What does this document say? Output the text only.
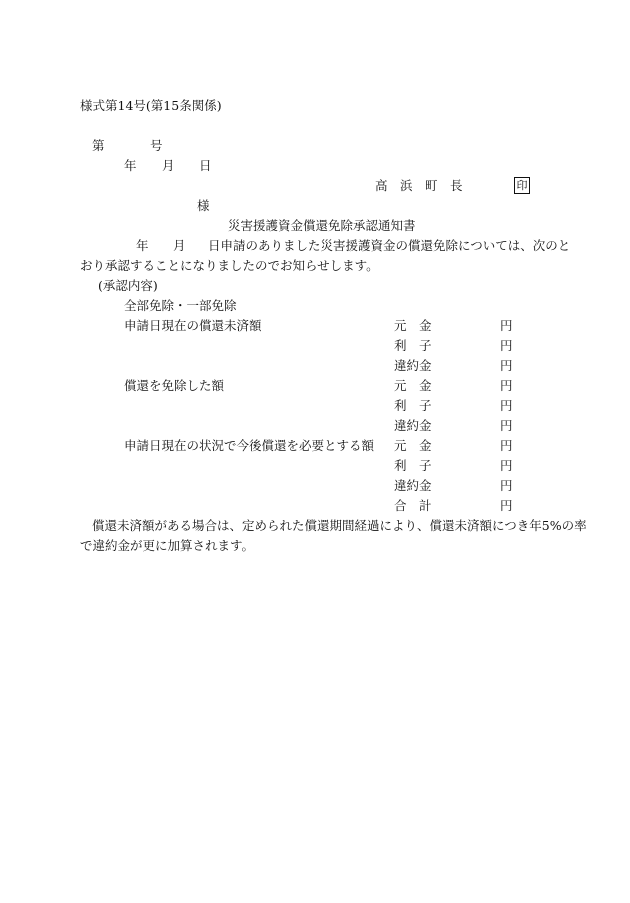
様式第14号(第15条関係)
第	号
年 月 日
高　浜　町　長	印
様
災害援護資金償還免除承認通知書
年 月 日申請のありました災害援護資金の償還免除については、次のと
おり承認することになりましたのでお知らせします。
(承認内容)
全部免除・一部免除
申請日現在の償還未済額	元　金	円
利　子	円
違約金	円
償還を免除した額	元　金	円
利　子	円
違約金	円
申請日現在の状況で今後償還を必要とする額 元　金	円
利　子	円
違約金	円
合　計	円
償還未済額がある場合は、定められた償還期間経過により、償還未済額につき年5%の率
で違約金が更に加算されます。
